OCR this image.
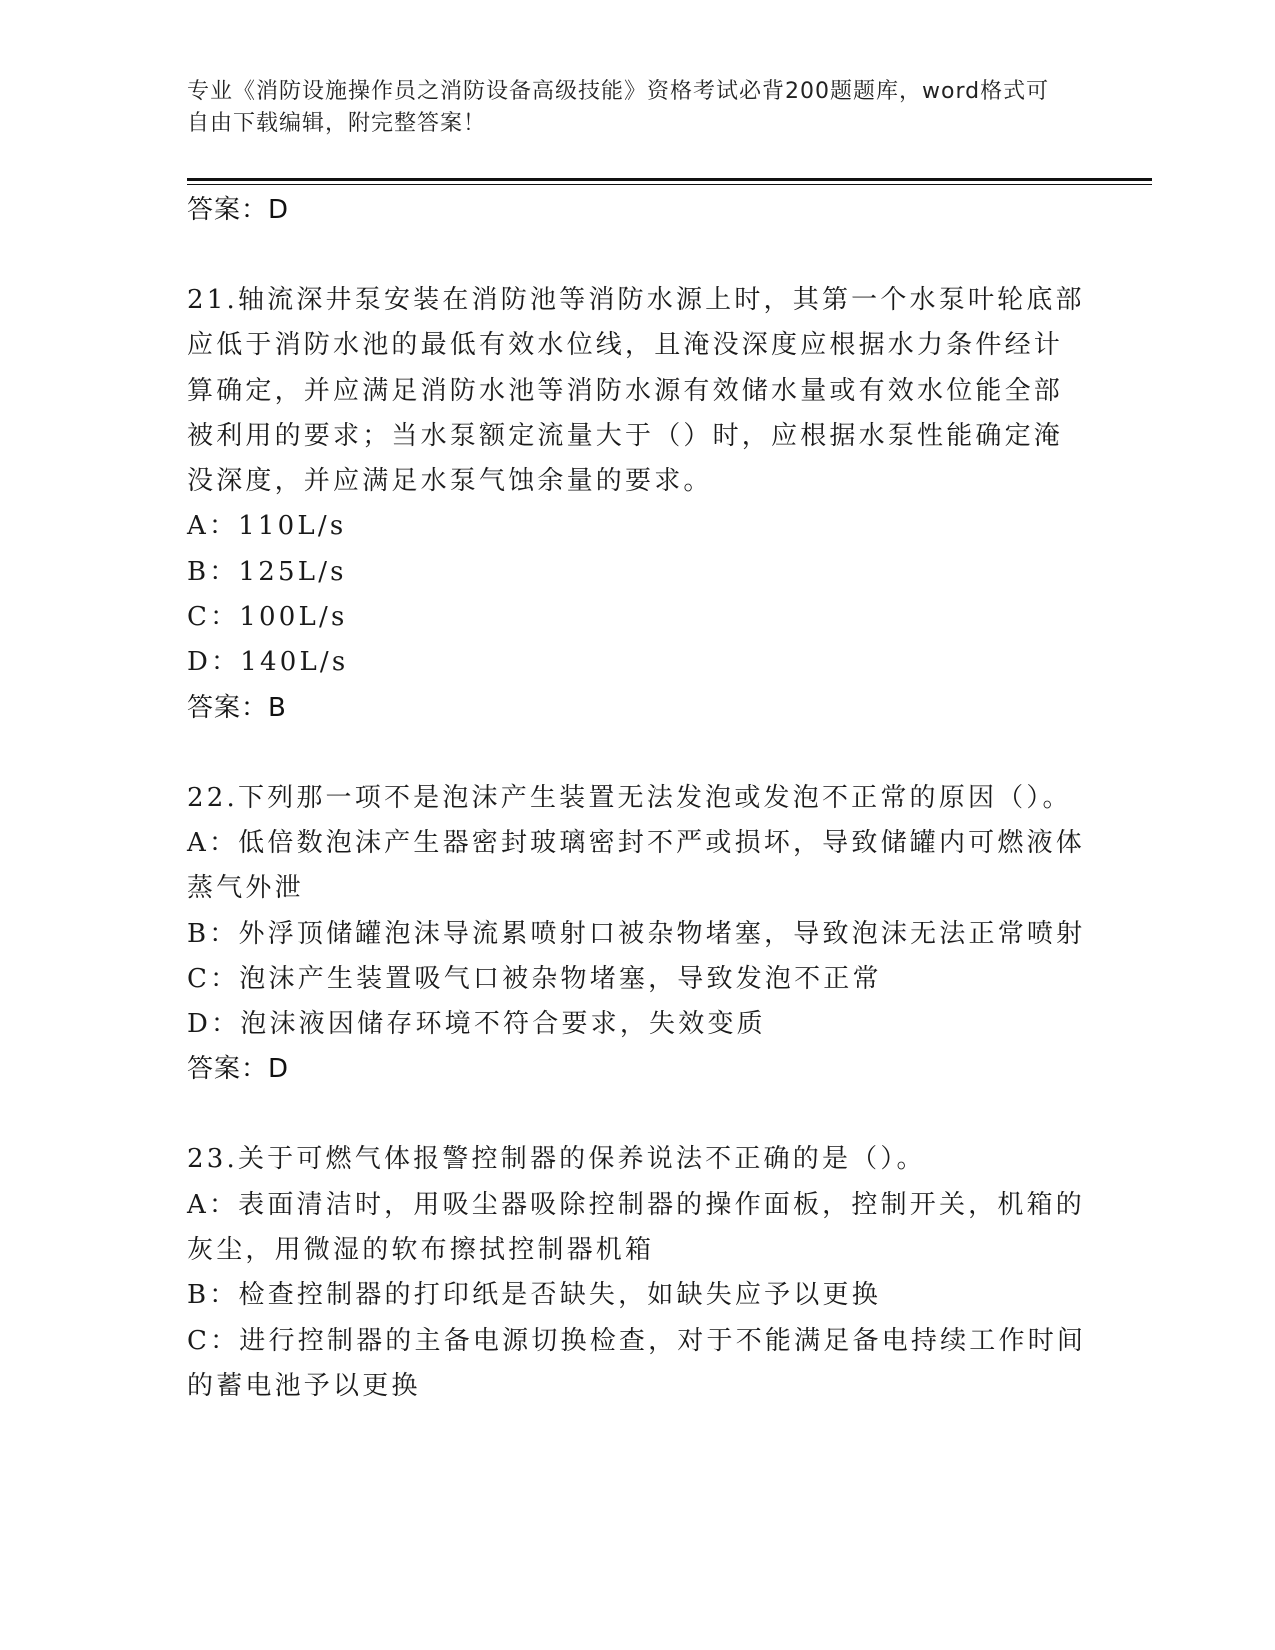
专业《消防设施操作员之消防设备高级技能》资格考试必背200题题库，word格式可自由下载编辑，附完整答案！
答案：D

21.轴流深井泵安装在消防池等消防水源上时，其第一个水泵叶轮底部应低于消防水池的最低有效水位线，且淹没深度应根据水力条件经计算确定，并应满足消防水池等消防水源有效储水量或有效水位能全部被利用的要求；当水泵额定流量大于（）时，应根据水泵性能确定淹没深度，并应满足水泵气蚀余量的要求。

A：110L/s

B：125L/s

C：100L/s

D：140L/s

答案：B

22.下列那一项不是泡沫产生装置无法发泡或发泡不正常的原因（）。

A：低倍数泡沫产生器密封玻璃密封不严或损坏，导致储罐内可燃液体蒸气外泄

B：外浮顶储罐泡沫导流累喷射口被杂物堵塞，导致泡沫无法正常喷射

C：泡沫产生装置吸气口被杂物堵塞，导致发泡不正常

D：泡沫液因储存环境不符合要求，失效变质

答案：D

23.关于可燃气体报警控制器的保养说法不正确的是（）。

A：表面清洁时，用吸尘器吸除控制器的操作面板，控制开关，机箱的灰尘，用微湿的软布擦拭控制器机箱

B：检查控制器的打印纸是否缺失，如缺失应予以更换

C：进行控制器的主备电源切换检查，对于不能满足备电持续工作时间的蓄电池予以更换
